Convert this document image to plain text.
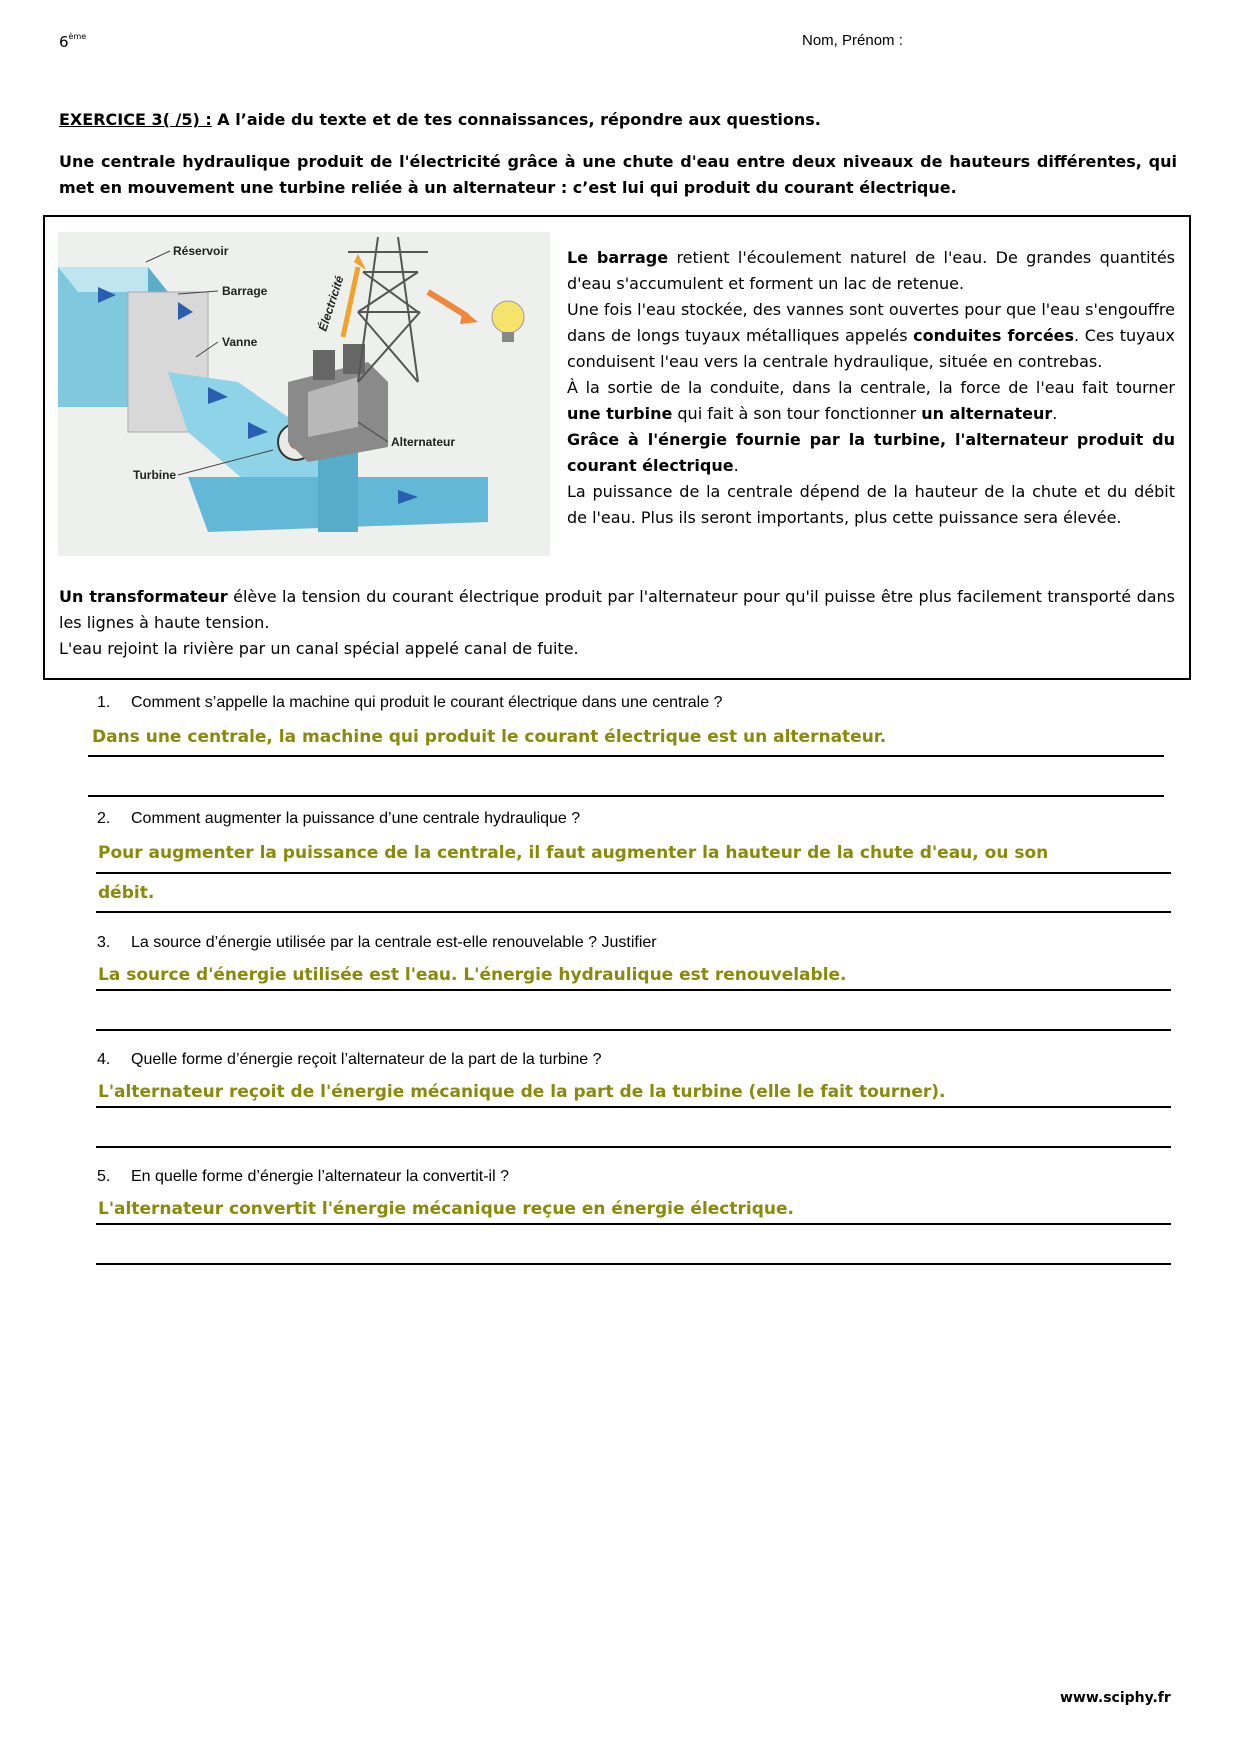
6ème	Nom, Prénom :
EXERCICE 3( /5) : A l’aide du texte et de tes connaissances, répondre aux questions.
Une centrale hydraulique produit de l'électricité grâce à une chute d'eau entre deux niveaux de hauteurs différentes, qui met en mouvement une turbine reliée à un alternateur : c’est lui qui produit du courant électrique.
Réservoir
Barrage
Vanne
Turbine
Alternateur
Électricité

Le barrage retient l'écoulement naturel de l'eau. De grandes quantités d'eau s'accumulent et forment un lac de retenue.

Une fois l'eau stockée, des vannes sont ouvertes pour que l'eau s'engouffre dans de longs tuyaux métalliques appelés conduites forcées. Ces tuyaux conduisent l'eau vers la centrale hydraulique, située en contrebas.

À la sortie de la conduite, dans la centrale, la force de l'eau fait tourner une turbine qui fait à son tour fonctionner un alternateur.

Grâce à l'énergie fournie par la turbine, l'alternateur produit du courant électrique.

La puissance de la centrale dépend de la hauteur de la chute et du débit de l'eau. Plus ils seront importants, plus cette puissance sera élevée.

Un transformateur élève la tension du courant électrique produit par l'alternateur pour qu'il puisse être plus facilement transporté dans les lignes à haute tension.

L'eau rejoint la rivière par un canal spécial appelé canal de fuite.

1. Comment s’appelle la machine qui produit le courant électrique dans une centrale ?
Dans une centrale, la machine qui produit le courant électrique est un alternateur.
2. Comment augmenter la puissance d’une centrale hydraulique ?
Pour augmenter la puissance de la centrale, il faut augmenter la hauteur de la chute d'eau, ou son
débit.
3. La source d’énergie utilisée par la centrale est-elle renouvelable ? Justifier
La source d'énergie utilisée est l'eau. L'énergie hydraulique est renouvelable.
4. Quelle forme d’énergie reçoit l’alternateur de la part de la turbine ?
L'alternateur reçoit de l'énergie mécanique de la part de la turbine (elle le fait tourner).
5. En quelle forme d’énergie l’alternateur la convertit-il ?
L'alternateur convertit l'énergie mécanique reçue en énergie électrique.
www.sciphy.fr
